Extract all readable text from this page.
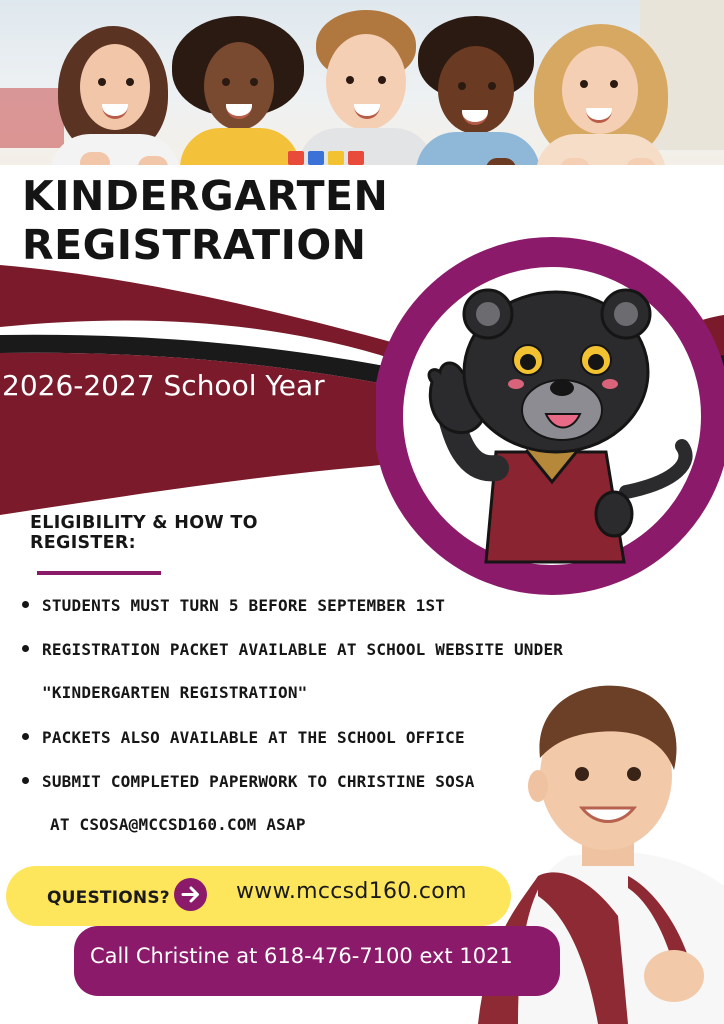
KINDERGARTEN
REGISTRATION
2026-2027 School Year
ELIGIBILITY & HOW TO REGISTER:
STUDENTS MUST TURN 5 BEFORE SEPTEMBER 1ST
REGISTRATION PACKET AVAILABLE AT SCHOOL WEBSITE UNDER
"KINDERGARTEN REGISTRATION"
PACKETS ALSO AVAILABLE AT THE SCHOOL OFFICE
SUBMIT COMPLETED PAPERWORK TO CHRISTINE SOSA
AT CSOSA@MCCSD160.COM ASAP
QUESTIONS?	www.mccsd160.com
Call Christine at 618-476-7100 ext 1021
